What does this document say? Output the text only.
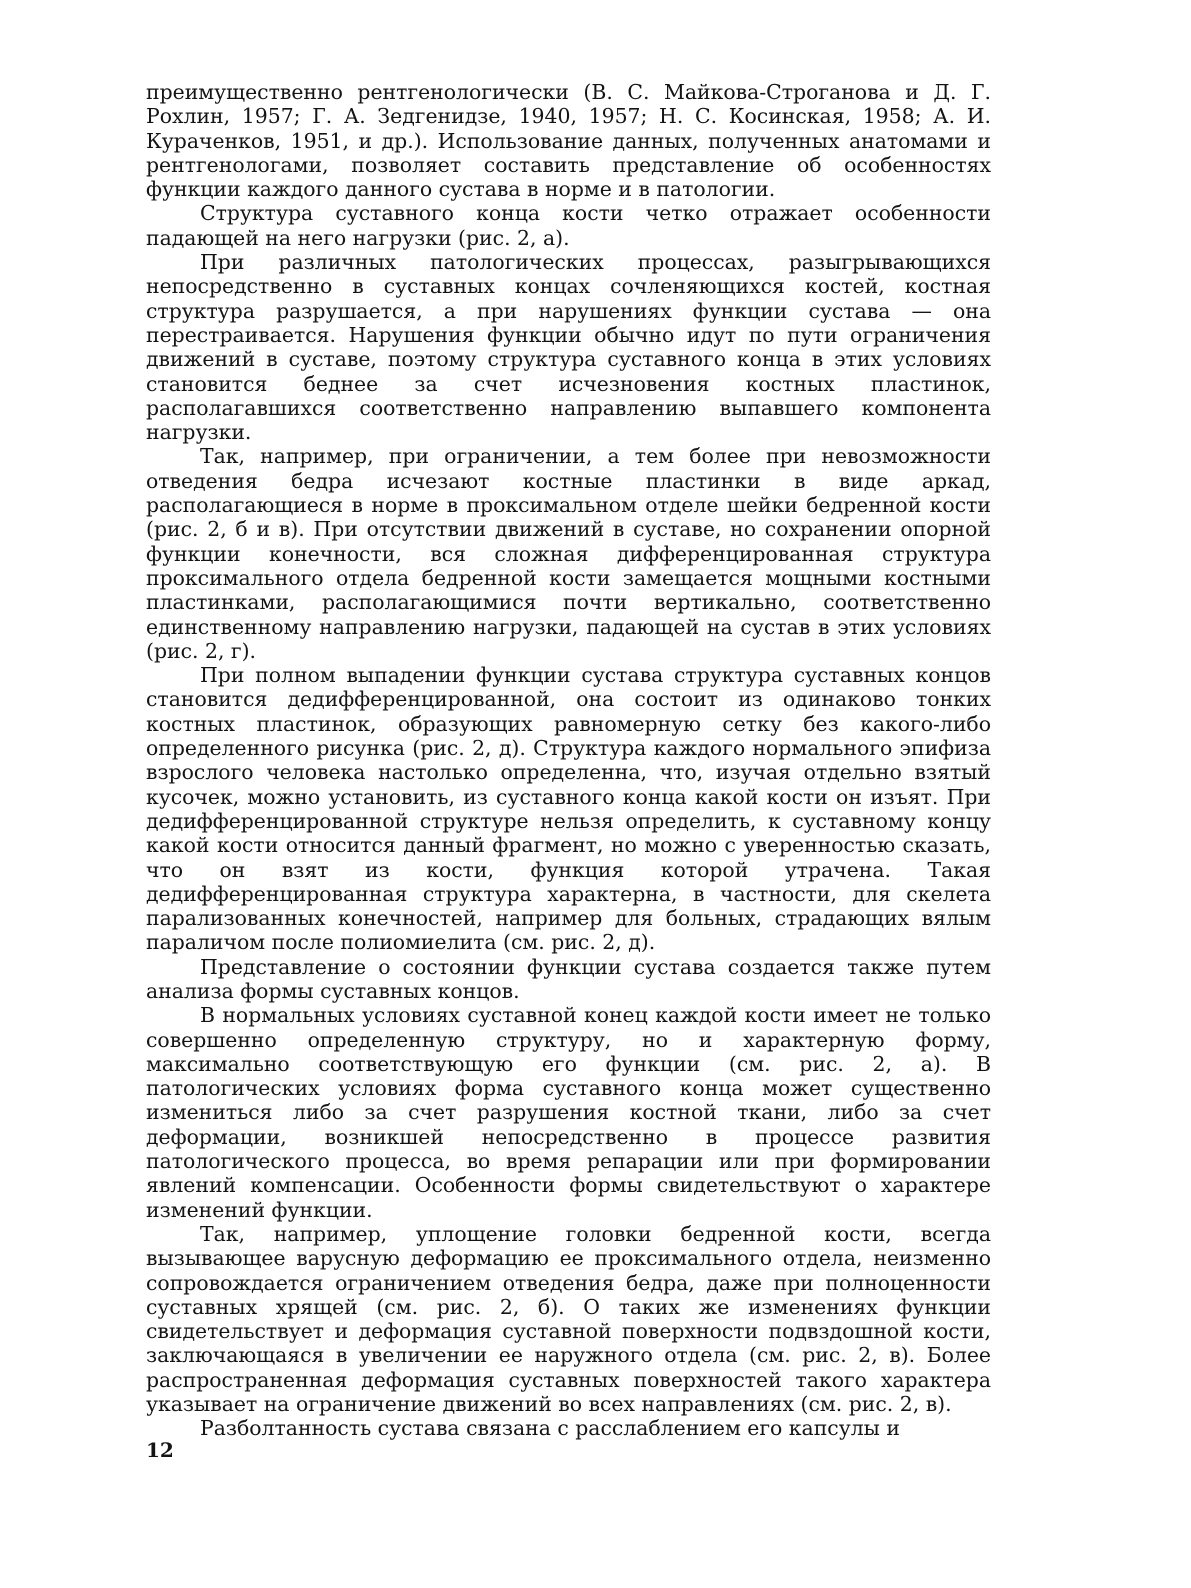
преимущественно рентгенологически (В. С. Майкова-Строганова и Д. Г. Рохлин, 1957; Г. А. Зедгенидзе, 1940, 1957; Н. С. Косинская, 1958; А. И. Кураченков, 1951, и др.). Использование данных, полученных анатомами и рентгенологами, позволяет составить представление об особенностях функции каждого данного сустава в норме и в патологии.

Структура суставного конца кости четко отражает особенности падающей на него нагрузки (рис. 2, а).

При различных патологических процессах, разыгрывающихся непосредственно в суставных концах сочленяющихся костей, костная структура разрушается, а при нарушениях функции сустава — она перестраивается. Нарушения функции обычно идут по пути ограничения движений в суставе, поэтому структура суставного конца в этих условиях становится беднее за счет исчезновения костных пластинок, располагавшихся соответственно направлению выпавшего компонента нагрузки.

Так, например, при ограничении, а тем более при невозможности отведения бедра исчезают костные пластинки в виде аркад, располагающиеся в норме в проксимальном отделе шейки бедренной кости (рис. 2, б и в). При отсутствии движений в суставе, но сохранении опорной функции конечности, вся сложная дифференцированная структура проксимального отдела бедренной кости замещается мощными костными пластинками, располагающимися почти вертикально, соответственно единственному направлению нагрузки, падающей на сустав в этих условиях (рис. 2, г).

При полном выпадении функции сустава структура суставных концов становится дедифференцированной, она состоит из одинаково тонких костных пластинок, образующих равномерную сетку без какого-либо определенного рисунка (рис. 2, д). Структура каждого нормального эпифиза взрослого человека настолько определенна, что, изучая отдельно взятый кусочек, можно установить, из суставного конца какой кости он изъят. При дедифференцированной структуре нельзя определить, к суставному концу какой кости относится данный фрагмент, но можно с уверенностью сказать, что он взят из кости, функция которой утрачена. Такая дедифференцированная структура характерна, в частности, для скелета парализованных конечностей, например для больных, страдающих вялым параличом после полиомиелита (см. рис. 2, д).

Представление о состоянии функции сустава создается также путем анализа формы суставных концов.

В нормальных условиях суставной конец каждой кости имеет не только совершенно определенную структуру, но и характерную форму, максимально соответствующую его функции (см. рис. 2, а). В патологических условиях форма суставного конца может существенно измениться либо за счет разрушения костной ткани, либо за счет деформации, возникшей непосредственно в процессе развития патологического процесса, во время репарации или при формировании явлений компенсации. Особенности формы свидетельствуют о характере изменений функции.

Так, например, уплощение головки бедренной кости, всегда вызывающее варусную деформацию ее проксимального отдела, неизменно сопровождается ограничением отведения бедра, даже при полноценности суставных хрящей (см. рис. 2, б). О таких же изменениях функции свидетельствует и деформация суставной поверхности подвздошной кости, заключающаяся в увеличении ее наружного отдела (см. рис. 2, в). Более распространенная деформация суставных поверхностей такого характера указывает на ограничение движений во всех направлениях (см. рис. 2, в).

Разболтанность сустава связана с расслаблением его капсулы и

12
